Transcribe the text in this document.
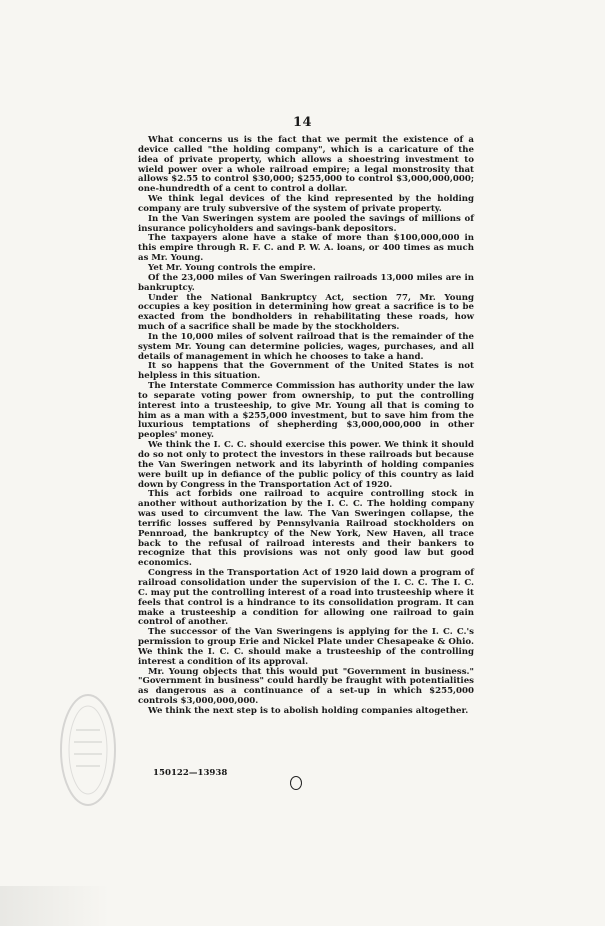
14

What concerns us is the fact that we permit the existence of a device called "the holding company", which is a caricature of the idea of private property, which allows a shoestring investment to wield power over a whole railroad empire; a legal monstrosity that allows $2.55 to control $30,000; $255,000 to control $3,000,000,000; one-hundredth of a cent to control a dollar.

We think legal devices of the kind represented by the holding company are truly subversive of the system of private property.

In the Van Sweringen system are pooled the savings of millions of insurance policyholders and savings-bank depositors.

The taxpayers alone have a stake of more than $100,000,000 in this empire through R. F. C. and P. W. A. loans, or 400 times as much as Mr. Young.

Yet Mr. Young controls the empire.

Of the 23,000 miles of Van Sweringen railroads 13,000 miles are in bankruptcy.

Under the National Bankruptcy Act, section 77, Mr. Young occupies a key position in determining how great a sacrifice is to be exacted from the bondholders in rehabilitating these roads, how much of a sacrifice shall be made by the stockholders.

In the 10,000 miles of solvent railroad that is the remainder of the system Mr. Young can determine policies, wages, purchases, and all details of management in which he chooses to take a hand.

It so happens that the Government of the United States is not helpless in this situation.

The Interstate Commerce Commission has authority under the law to separate voting power from ownership, to put the controlling interest into a trusteeship, to give Mr. Young all that is coming to him as a man with a $255,000 investment, but to save him from the luxurious temptations of shepherding $3,000,000,000 in other peoples' money.

We think the I. C. C. should exercise this power. We think it should do so not only to protect the investors in these railroads but because the Van Sweringen network and its labyrinth of holding companies were built up in defiance of the public policy of this country as laid down by Congress in the Transportation Act of 1920.

This act forbids one railroad to acquire controlling stock in another without authorization by the I. C. C. The holding company was used to circumvent the law. The Van Sweringen collapse, the terrific losses suffered by Pennsylvania Railroad stockholders on Pennroad, the bankruptcy of the New York, New Haven, all trace back to the refusal of railroad interests and their bankers to recognize that this provisions was not only good law but good economics.

Congress in the Transportation Act of 1920 laid down a program of railroad consolidation under the supervision of the I. C. C. The I. C. C. may put the controlling interest of a road into trusteeship where it feels that control is a hindrance to its consolidation program. It can make a trusteeship a condition for allowing one railroad to gain control of another.

The successor of the Van Sweringens is applying for the I. C. C.'s permission to group Erie and Nickel Plate under Chesapeake & Ohio. We think the I. C. C. should make a trusteeship of the controlling interest a condition of its approval.

Mr. Young objects that this would put "Government in business." "Government in business" could hardly be fraught with potentialities as dangerous as a continuance of a set-up in which $255,000 controls $3,000,000,000.

We think the next step is to abolish holding companies altogether.

150122—13938
